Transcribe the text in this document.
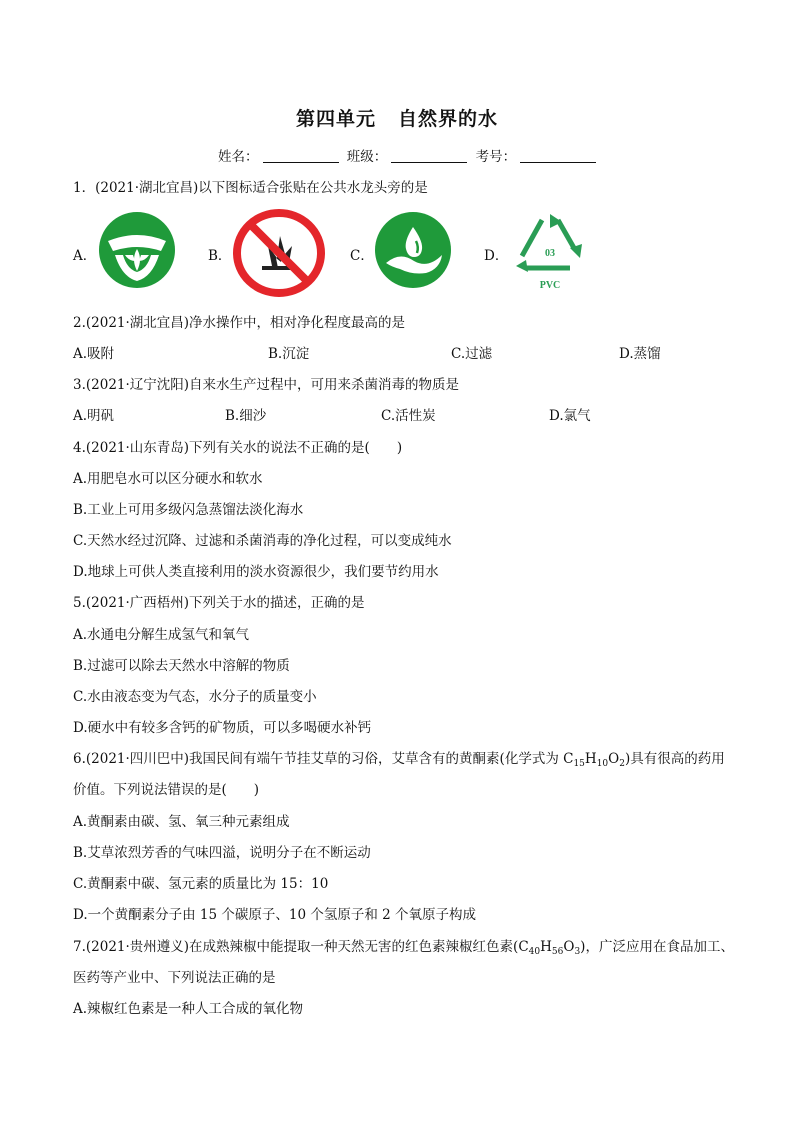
第四单元 自然界的水
姓名：	班级：	考号：
1．(2021·湖北宜昌)以下图标适合张贴在公共水龙头旁的是
A．	B．	C．	D．	03
PVC
2.(2021·湖北宜昌)净水操作中，相对净化程度最高的是
A.吸附	B.沉淀	C.过滤	D.蒸馏
3.(2021·辽宁沈阳)自来水生产过程中，可用来杀菌消毒的物质是
A.明矾	B.细沙	C.活性炭	D.氯气
4.(2021·山东青岛)下列有关水的说法不正确的是(　　)
A.用肥皂水可以区分硬水和软水
B.工业上可用多级闪急蒸馏法淡化海水
C.天然水经过沉降、过滤和杀菌消毒的净化过程，可以变成纯水
D.地球上可供人类直接利用的淡水资源很少，我们要节约用水
5.(2021·广西梧州)下列关于水的描述，正确的是
A.水通电分解生成氢气和氧气
B.过滤可以除去天然水中溶解的物质
C.水由液态变为气态，水分子的质量变小
D.硬水中有较多含钙的矿物质，可以多喝硬水补钙
6.(2021·四川巴中)我国民间有端午节挂艾草的习俗，艾草含有的黄酮素(化学式为 $C_{15}H_{10}O_2$)具有很高的药用
价值。下列说法错误的是(　　)
A.黄酮素由碳、氢、氧三种元素组成
B.艾草浓烈芳香的气味四溢，说明分子在不断运动
C.黄酮素中碳、氢元素的质量比为 15：10
D.一个黄酮素分子由 15 个碳原子、10 个氢原子和 2 个氧原子构成
7.(2021·贵州遵义)在成熟辣椒中能提取一种天然无害的红色素辣椒红色素$(C_{40}H_{56}O_3)$，广泛应用在食品加工、
医药等产业中、下列说法正确的是
A.辣椒红色素是一种人工合成的氧化物
